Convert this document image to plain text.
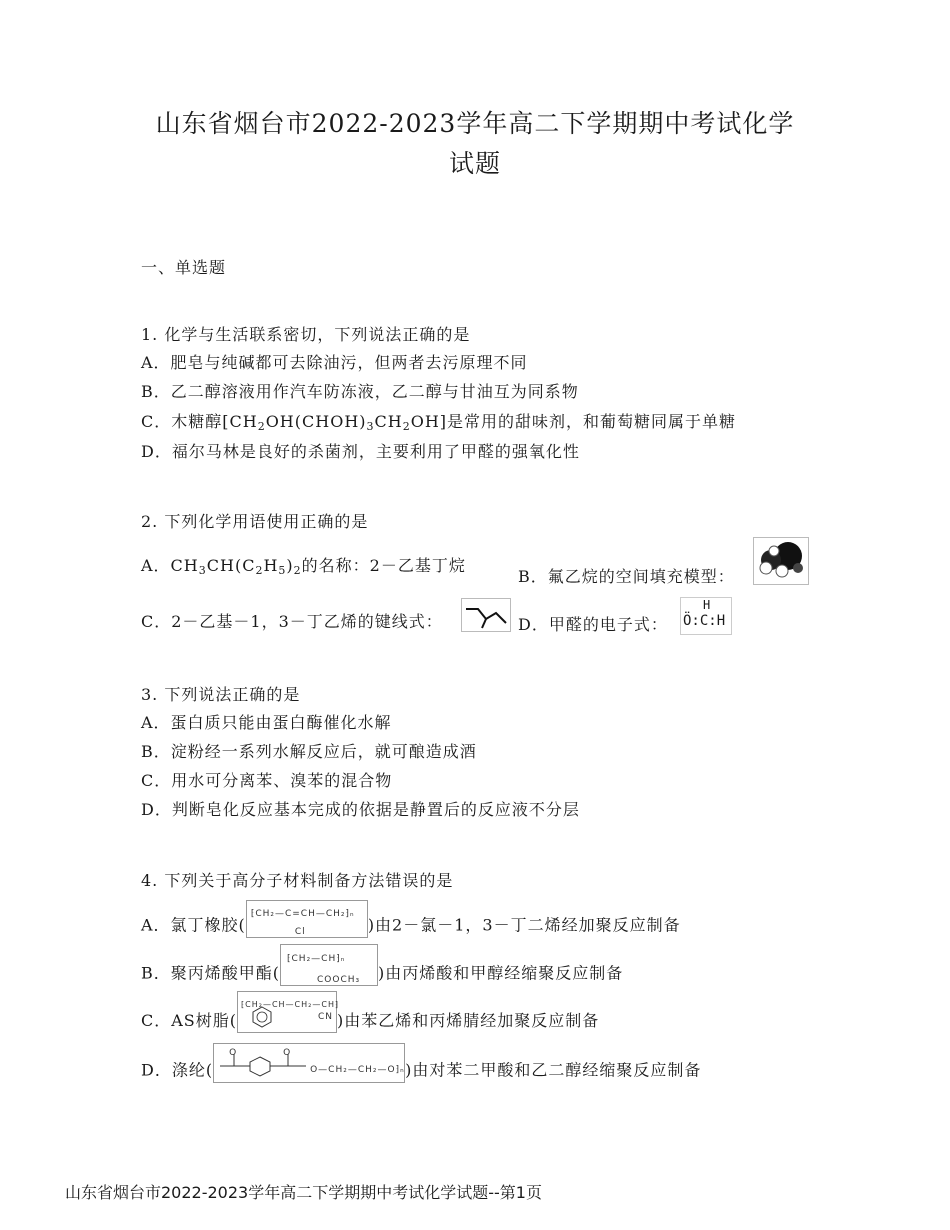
山东省烟台市2022-2023学年高二下学期期中考试化学
试题
一、单选题
1. 化学与生活联系密切，下列说法正确的是
A．肥皂与纯碱都可去除油污，但两者去污原理不同
B．乙二醇溶液用作汽车防冻液，乙二醇与甘油互为同系物
C．木糖醇$[CH_2OH(CHOH)_3CH_2OH]$是常用的甜味剂，和葡萄糖同属于单糖
D．福尔马林是良好的杀菌剂，主要利用了甲醛的强氧化性
2. 下列化学用语使用正确的是
A．$CH_3CH(C_2H_5)_2$的名称：2－乙基丁烷
B．氟乙烷的空间填充模型：
C．2－乙基－1，3－丁乙烯的键线式：	D．甲醛的电子式：
H
Ö:C:H
3. 下列说法正确的是
A．蛋白质只能由蛋白酶催化水解
B．淀粉经一系列水解反应后，就可酿造成酒
C．用水可分离苯、溴苯的混合物
D．判断皂化反应基本完成的依据是静置后的反应液不分层
4. 下列关于高分子材料制备方法错误的是
A．氯丁橡胶(
⁅CH₂—C=CH—CH₂⁆ₙ
Cl	)由2－氯－1，3－丁二烯经加聚反应制备
B．聚丙烯酸甲酯(
⁅CH₂—CH⁆ₙ
COOCH₃ )由丙烯酸和甲醇经缩聚反应制备
C．AS树脂(
⁅CH₂—CH—CH₂—CH⁆
CN )由苯乙烯和丙烯腈经加聚反应制备
D．涤纶(
O	O
O—CH₂—CH₂—O⁆ₙ )由对苯二甲酸和乙二醇经缩聚反应制备
山东省烟台市2022-2023学年高二下学期期中考试化学试题--第1页
